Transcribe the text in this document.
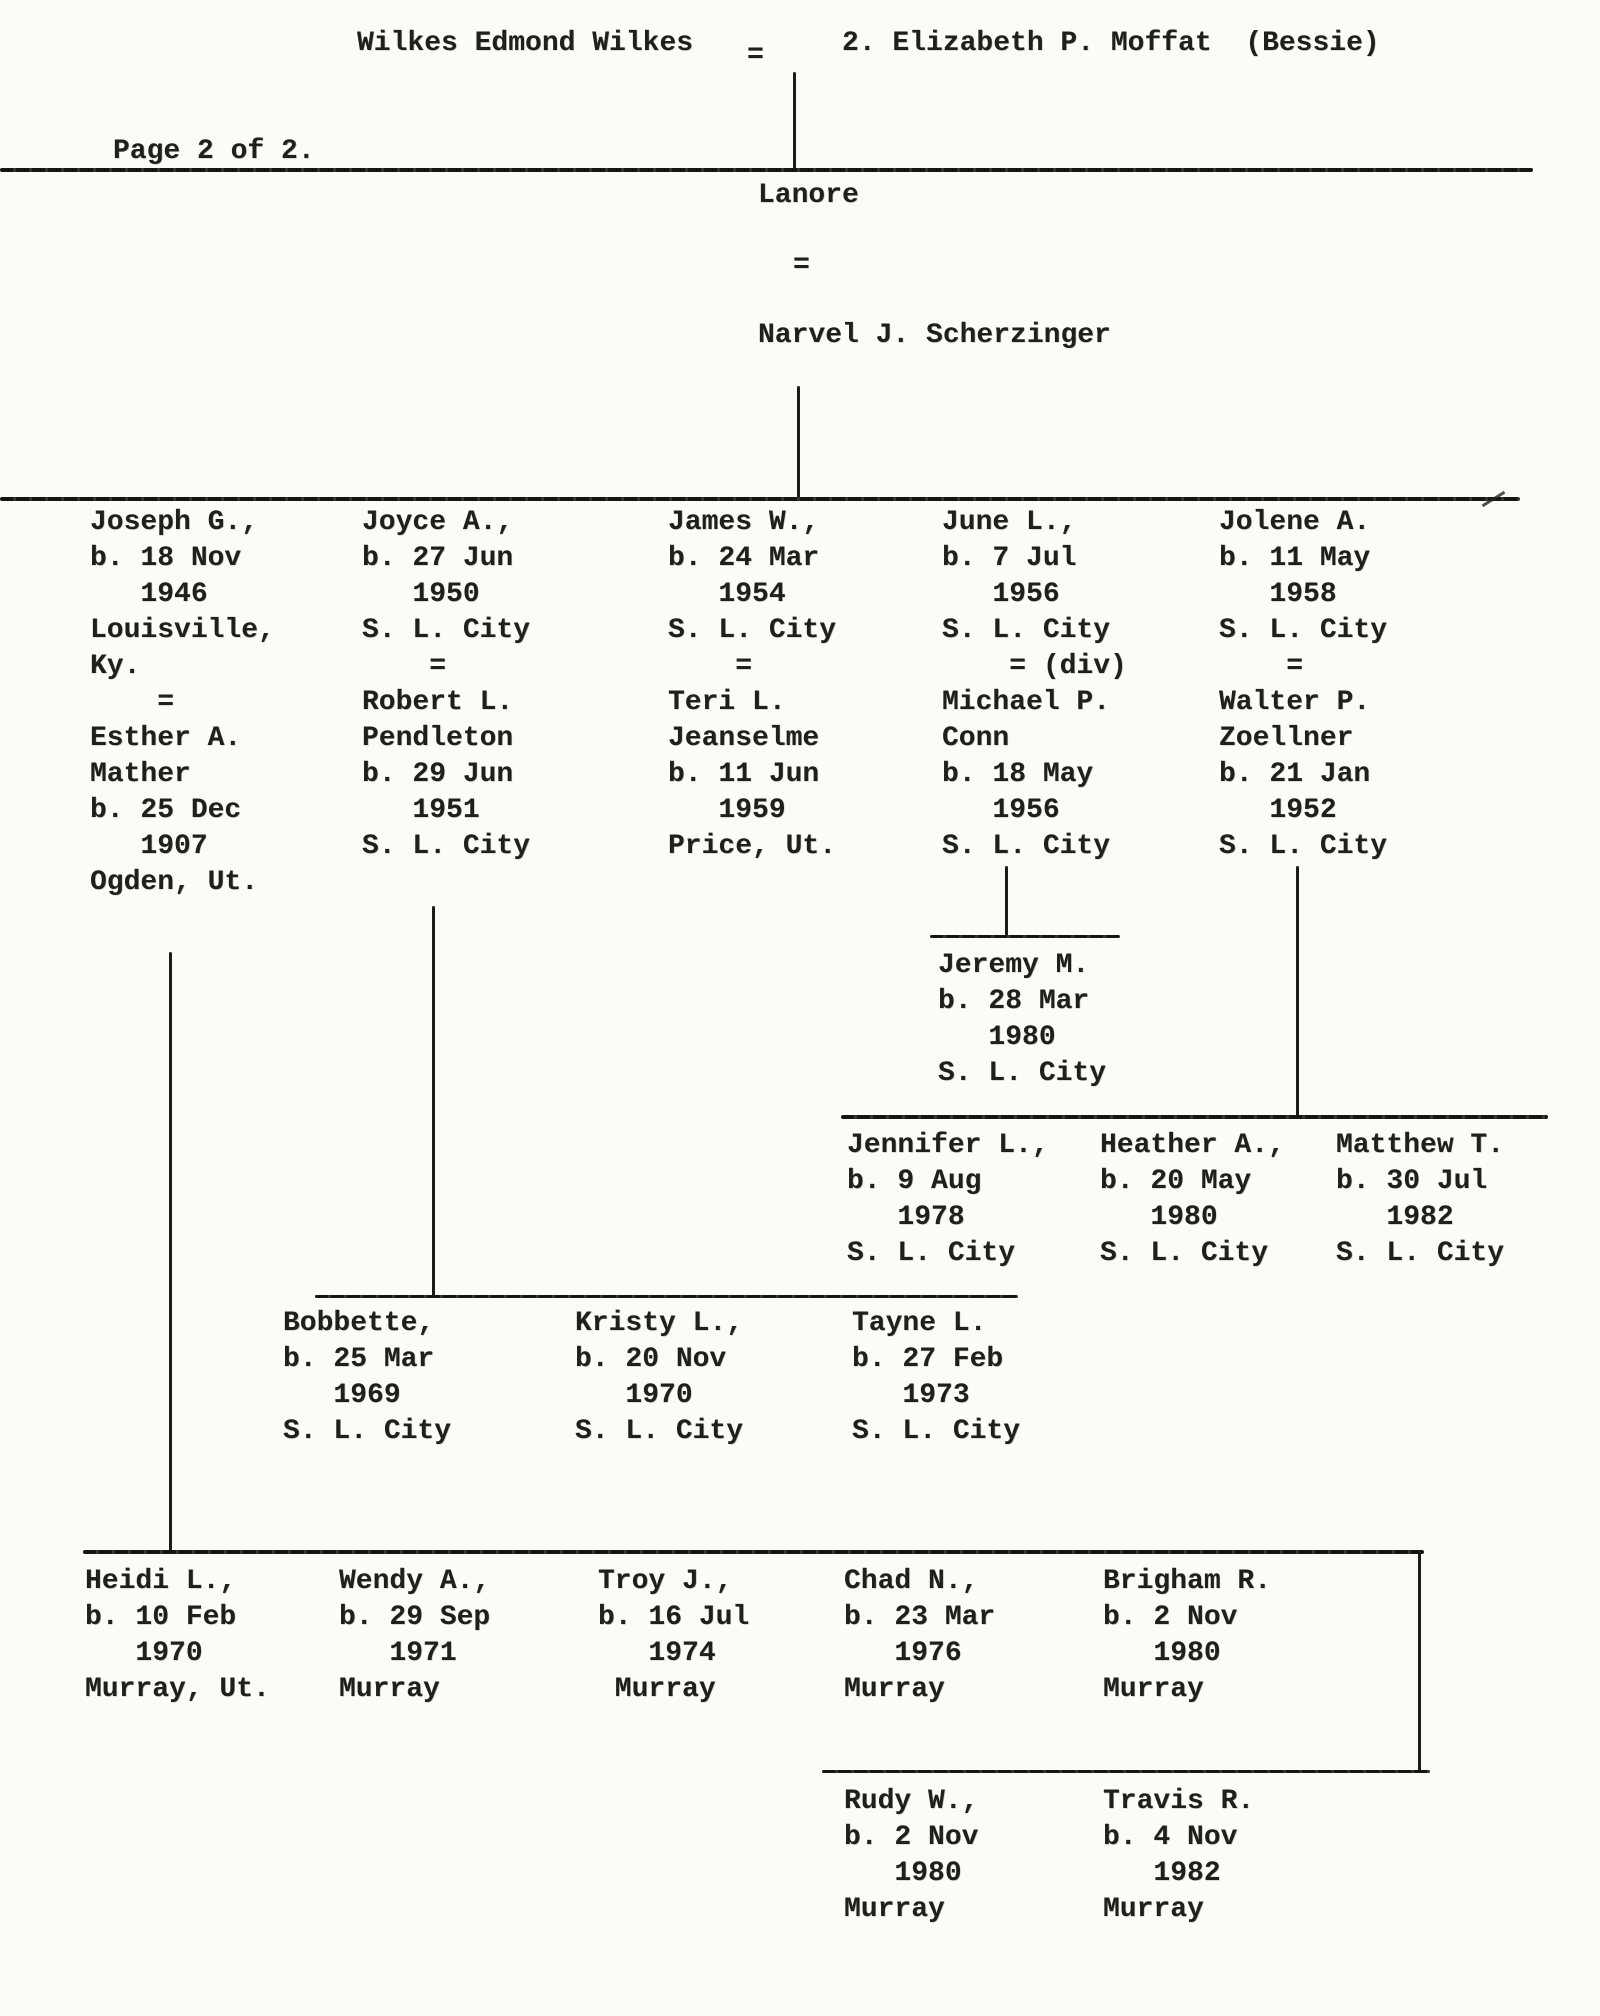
Wilkes Edmond Wilkes =	2. Elizabeth P. Moffat  (Bessie)
Page 2 of 2.
Lanore
=
Narvel J. Scherzinger
Joseph G.,
b. 18 Nov
1946
Louisville,
Ky.
=
Esther A.
Mather
b. 25 Dec
1907
Ogden, Ut.
Joyce A.,
b. 27 Jun
1950
S. L. City
=
Robert L.
Pendleton
b. 29 Jun
1951
S. L. City
James W.,
b. 24 Mar
1954
S. L. City
=
Teri L.
Jeanselme
b. 11 Jun
1959
Price, Ut.
June L.,
b. 7 Jul
1956
S. L. City
= (div)
Michael P.
Conn
b. 18 May
1956
S. L. City
Jolene A.
b. 11 May
1958
S. L. City
=
Walter P.
Zoellner
b. 21 Jan
1952
S. L. City
Jeremy M.
b. 28 Mar
1980
S. L. City
Jennifer L.,
b. 9 Aug
1978
S. L. City
Heather A.,
b. 20 May
1980
S. L. City
Matthew T.
b. 30 Jul
1982
S. L. City
Bobbette,
b. 25 Mar
1969
S. L. City
Kristy L.,
b. 20 Nov
1970
S. L. City
Tayne L.
b. 27 Feb
1973
S. L. City
Heidi L.,
b. 10 Feb
1970
Murray, Ut.
Wendy A.,
b. 29 Sep
1971
Murray
Troy J.,
b. 16 Jul
1974
Murray
Chad N.,
b. 23 Mar
1976
Murray
Brigham R.
b. 2 Nov
1980
Murray
Rudy W.,
b. 2 Nov
1980
Murray
Travis R.
b. 4 Nov
1982
Murray
